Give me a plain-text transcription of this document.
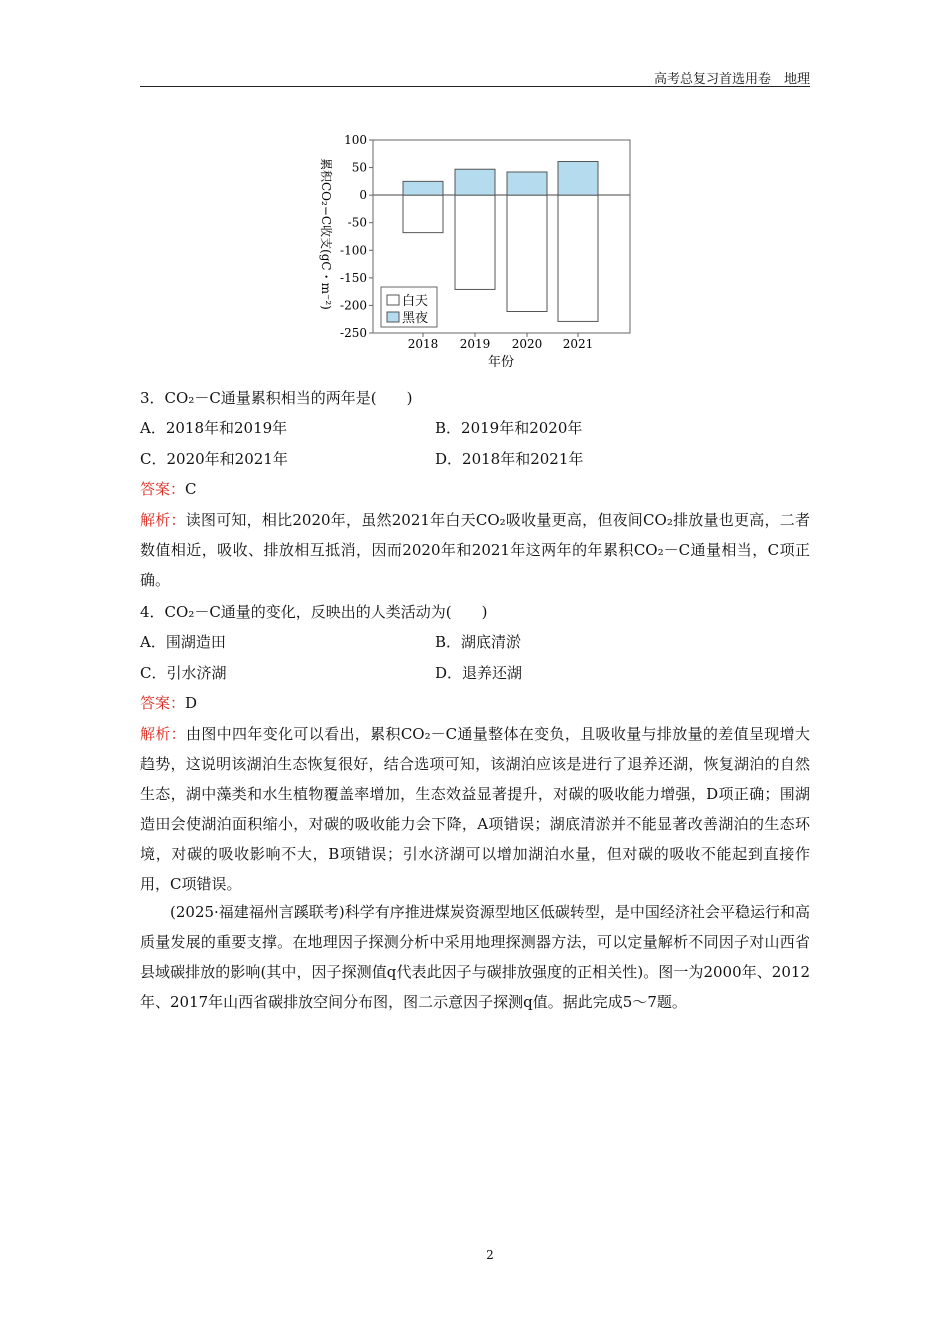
高考总复习首选用卷　地理
100
50
0
-50
-100
-150
-200
-250
2018 2019 2020 2021
白天
黑夜
年份
累积CO₂−C收支(gC・m⁻²)
3．CO₂－C通量累积相当的两年是(　　)
A．2018年和2019年	B．2019年和2020年
C．2020年和2021年	D．2018年和2021年
答案：C
解析：读图可知，相比2020年，虽然2021年白天CO₂吸收量更高，但夜间CO₂排放量也更高，二者数值相近，吸收、排放相互抵消，因而2020年和2021年这两年的年累积CO₂－C通量相当，C项正确。
4．CO₂－C通量的变化，反映出的人类活动为(　　)
A．围湖造田	B．湖底清淤
C．引水济湖	D．退养还湖
答案：D
解析：由图中四年变化可以看出，累积CO₂－C通量整体在变负，且吸收量与排放量的差值呈现增大趋势，这说明该湖泊生态恢复很好，结合选项可知，该湖泊应该是进行了退养还湖，恢复湖泊的自然生态，湖中藻类和水生植物覆盖率增加，生态效益显著提升，对碳的吸收能力增强，D项正确；围湖造田会使湖泊面积缩小，对碳的吸收能力会下降，A项错误；湖底清淤并不能显著改善湖泊的生态环境，对碳的吸收影响不大，B项错误；引水济湖可以增加湖泊水量，但对碳的吸收不能起到直接作用，C项错误。
(2025·福建福州言蹊联考)科学有序推进煤炭资源型地区低碳转型，是中国经济社会平稳运行和高质量发展的重要支撑。在地理因子探测分析中采用地理探测器方法，可以定量解析不同因子对山西省县域碳排放的影响(其中，因子探测值q代表此因子与碳排放强度的正相关性)。图一为2000年、2012年、2017年山西省碳排放空间分布图，图二示意因子探测q值。据此完成5～7题。
2
